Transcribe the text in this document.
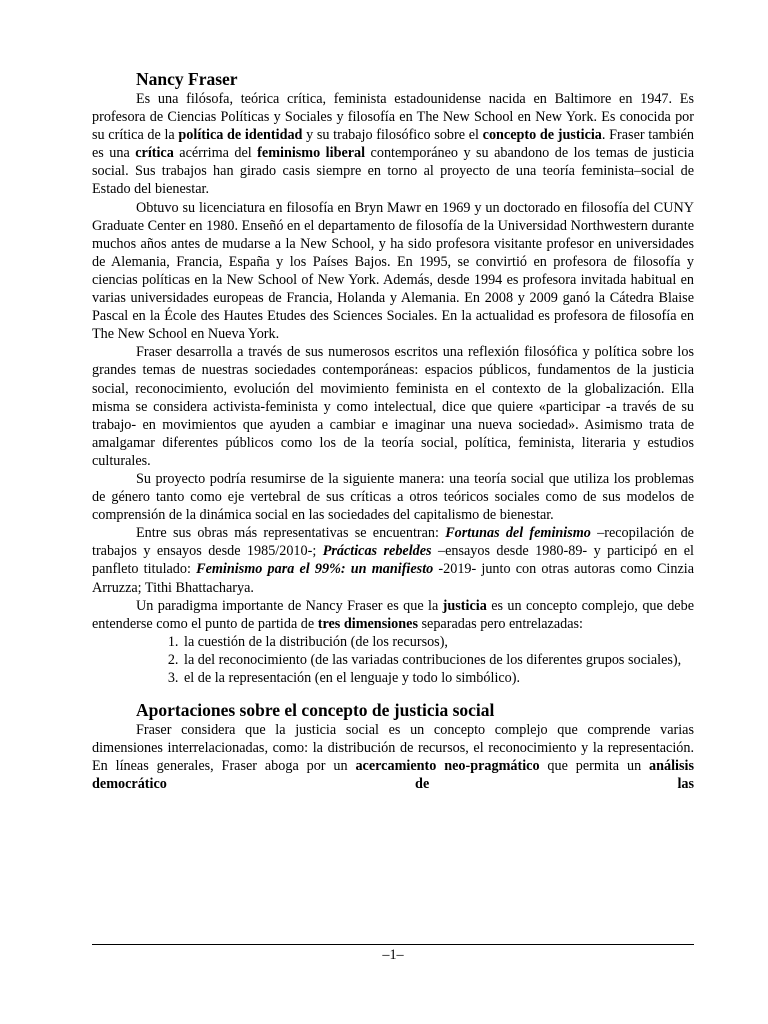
Nancy Fraser

Es una filósofa, teórica crítica, feminista estadounidense nacida en Baltimore en 1947. Es profesora de Ciencias Políticas y Sociales y filosofía en The New School en New York. Es conocida por su crítica de la política de identidad y su trabajo filosófico sobre el concepto de justicia. Fraser también es una crítica acérrima del feminismo liberal contemporáneo y su abandono de los temas de justicia social. Sus trabajos han girado casis siempre en torno al proyecto de una teoría feminista–social de Estado del bienestar.

Obtuvo su licenciatura en filosofía en Bryn Mawr en 1969 y un doctorado en filosofía del CUNY Graduate Center en 1980. Enseñó en el departamento de filosofía de la Universidad Northwestern durante muchos años antes de mudarse a la New School, y ha sido profesora visitante profesor en universidades de Alemania, Francia, España y los Países Bajos. En 1995, se convirtió en profesora de filosofía y ciencias políticas en la New School of New York. Además, desde 1994 es profesora invitada habitual en varias universidades europeas de Francia, Holanda y Alemania. En 2008 y 2009 ganó la Cátedra Blaise Pascal en la École des Hautes Etudes des Sciences Sociales. En la actualidad es profesora de filosofía en The New School en Nueva York.

Fraser desarrolla a través de sus numerosos escritos una reflexión filosófica y política sobre los grandes temas de nuestras sociedades contemporáneas: espacios públicos, fundamentos de la justicia social, reconocimiento, evolución del movimiento feminista en el contexto de la globalización. Ella misma se considera activista-feminista y como intelectual, dice que quiere «participar -a través de su trabajo- en movimientos que ayuden a cambiar e imaginar una nueva sociedad». Asimismo trata de amalgamar diferentes públicos como los de la teoría social, política, feminista, literaria y estudios culturales.

Su proyecto podría resumirse de la siguiente manera: una teoría social que utiliza los problemas de género tanto como eje vertebral de sus críticas a otros teóricos sociales como de sus modelos de comprensión de la dinámica social en las sociedades del capitalismo de bienestar.

Entre sus obras más representativas se encuentran: Fortunas del feminismo –recopilación de trabajos y ensayos desde 1985/2010-; Prácticas rebeldes –ensayos desde 1980-89- y participó en el panfleto titulado: Feminismo para el 99%: un manifiesto -2019- junto con otras autoras como Cinzia Arruzza; Tithi Bhattacharya.

Un paradigma importante de Nancy Fraser es que la justicia es un concepto complejo, que debe entenderse como el punto de partida de tres dimensiones separadas pero entrelazadas:

1. la cuestión de la distribución (de los recursos),
2. la del reconocimiento (de las variadas contribuciones de los diferentes grupos sociales),
3. el de la representación (en el lenguaje y todo lo simbólico).
Aportaciones sobre el concepto de justicia social

Fraser considera que la justicia social es un concepto complejo que comprende varias dimensiones interrelacionadas, como: la distribución de recursos, el reconocimiento y la representación. En líneas generales, Fraser aboga por un acercamiento neo-pragmático que permita un análisis democrático de las

–1–
